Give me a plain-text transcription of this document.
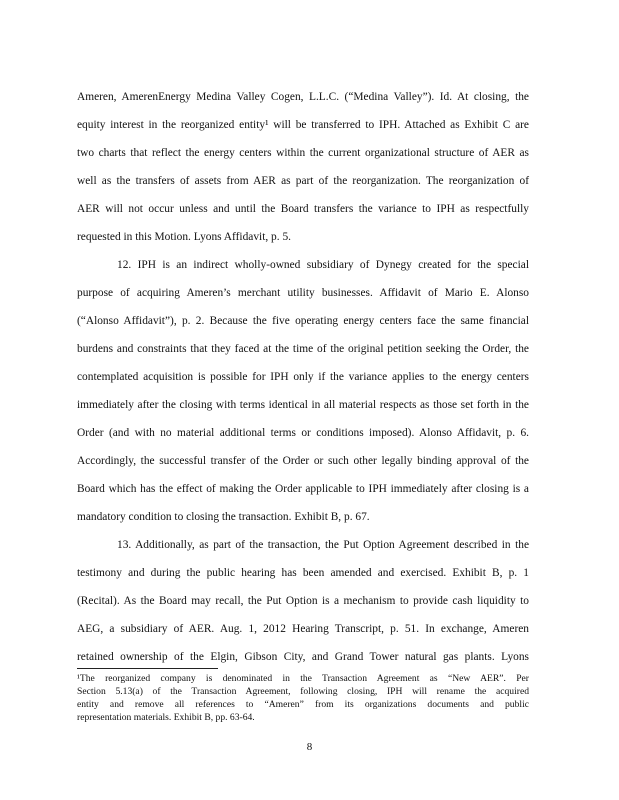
Ameren, AmerenEnergy Medina Valley Cogen, L.L.C. (“Medina Valley”). Id. At closing, the
equity interest in the reorganized entity¹ will be transferred to IPH. Attached as Exhibit C are
two charts that reflect the energy centers within the current organizational structure of AER as
well as the transfers of assets from AER as part of the reorganization. The reorganization of
AER will not occur unless and until the Board transfers the variance to IPH as respectfully
requested in this Motion. Lyons Affidavit, p. 5.
12. IPH is an indirect wholly-owned subsidiary of Dynegy created for the special
purpose of acquiring Ameren’s merchant utility businesses. Affidavit of Mario E. Alonso
(“Alonso Affidavit”), p. 2. Because the five operating energy centers face the same financial
burdens and constraints that they faced at the time of the original petition seeking the Order, the
contemplated acquisition is possible for IPH only if the variance applies to the energy centers
immediately after the closing with terms identical in all material respects as those set forth in the
Order (and with no material additional terms or conditions imposed). Alonso Affidavit, p. 6.
Accordingly, the successful transfer of the Order or such other legally binding approval of the
Board which has the effect of making the Order applicable to IPH immediately after closing is a
mandatory condition to closing the transaction. Exhibit B, p. 67.
13. Additionally, as part of the transaction, the Put Option Agreement described in the
testimony and during the public hearing has been amended and exercised. Exhibit B, p. 1
(Recital). As the Board may recall, the Put Option is a mechanism to provide cash liquidity to
AEG, a subsidiary of AER. Aug. 1, 2012 Hearing Transcript, p. 51. In exchange, Ameren
retained ownership of the Elgin, Gibson City, and Grand Tower natural gas plants. Lyons
¹The reorganized company is denominated in the Transaction Agreement as “New AER”. Per
Section 5.13(a) of the Transaction Agreement, following closing, IPH will rename the acquired
entity and remove all references to “Ameren” from its organizations documents and public
representation materials. Exhibit B, pp. 63-64.
8
